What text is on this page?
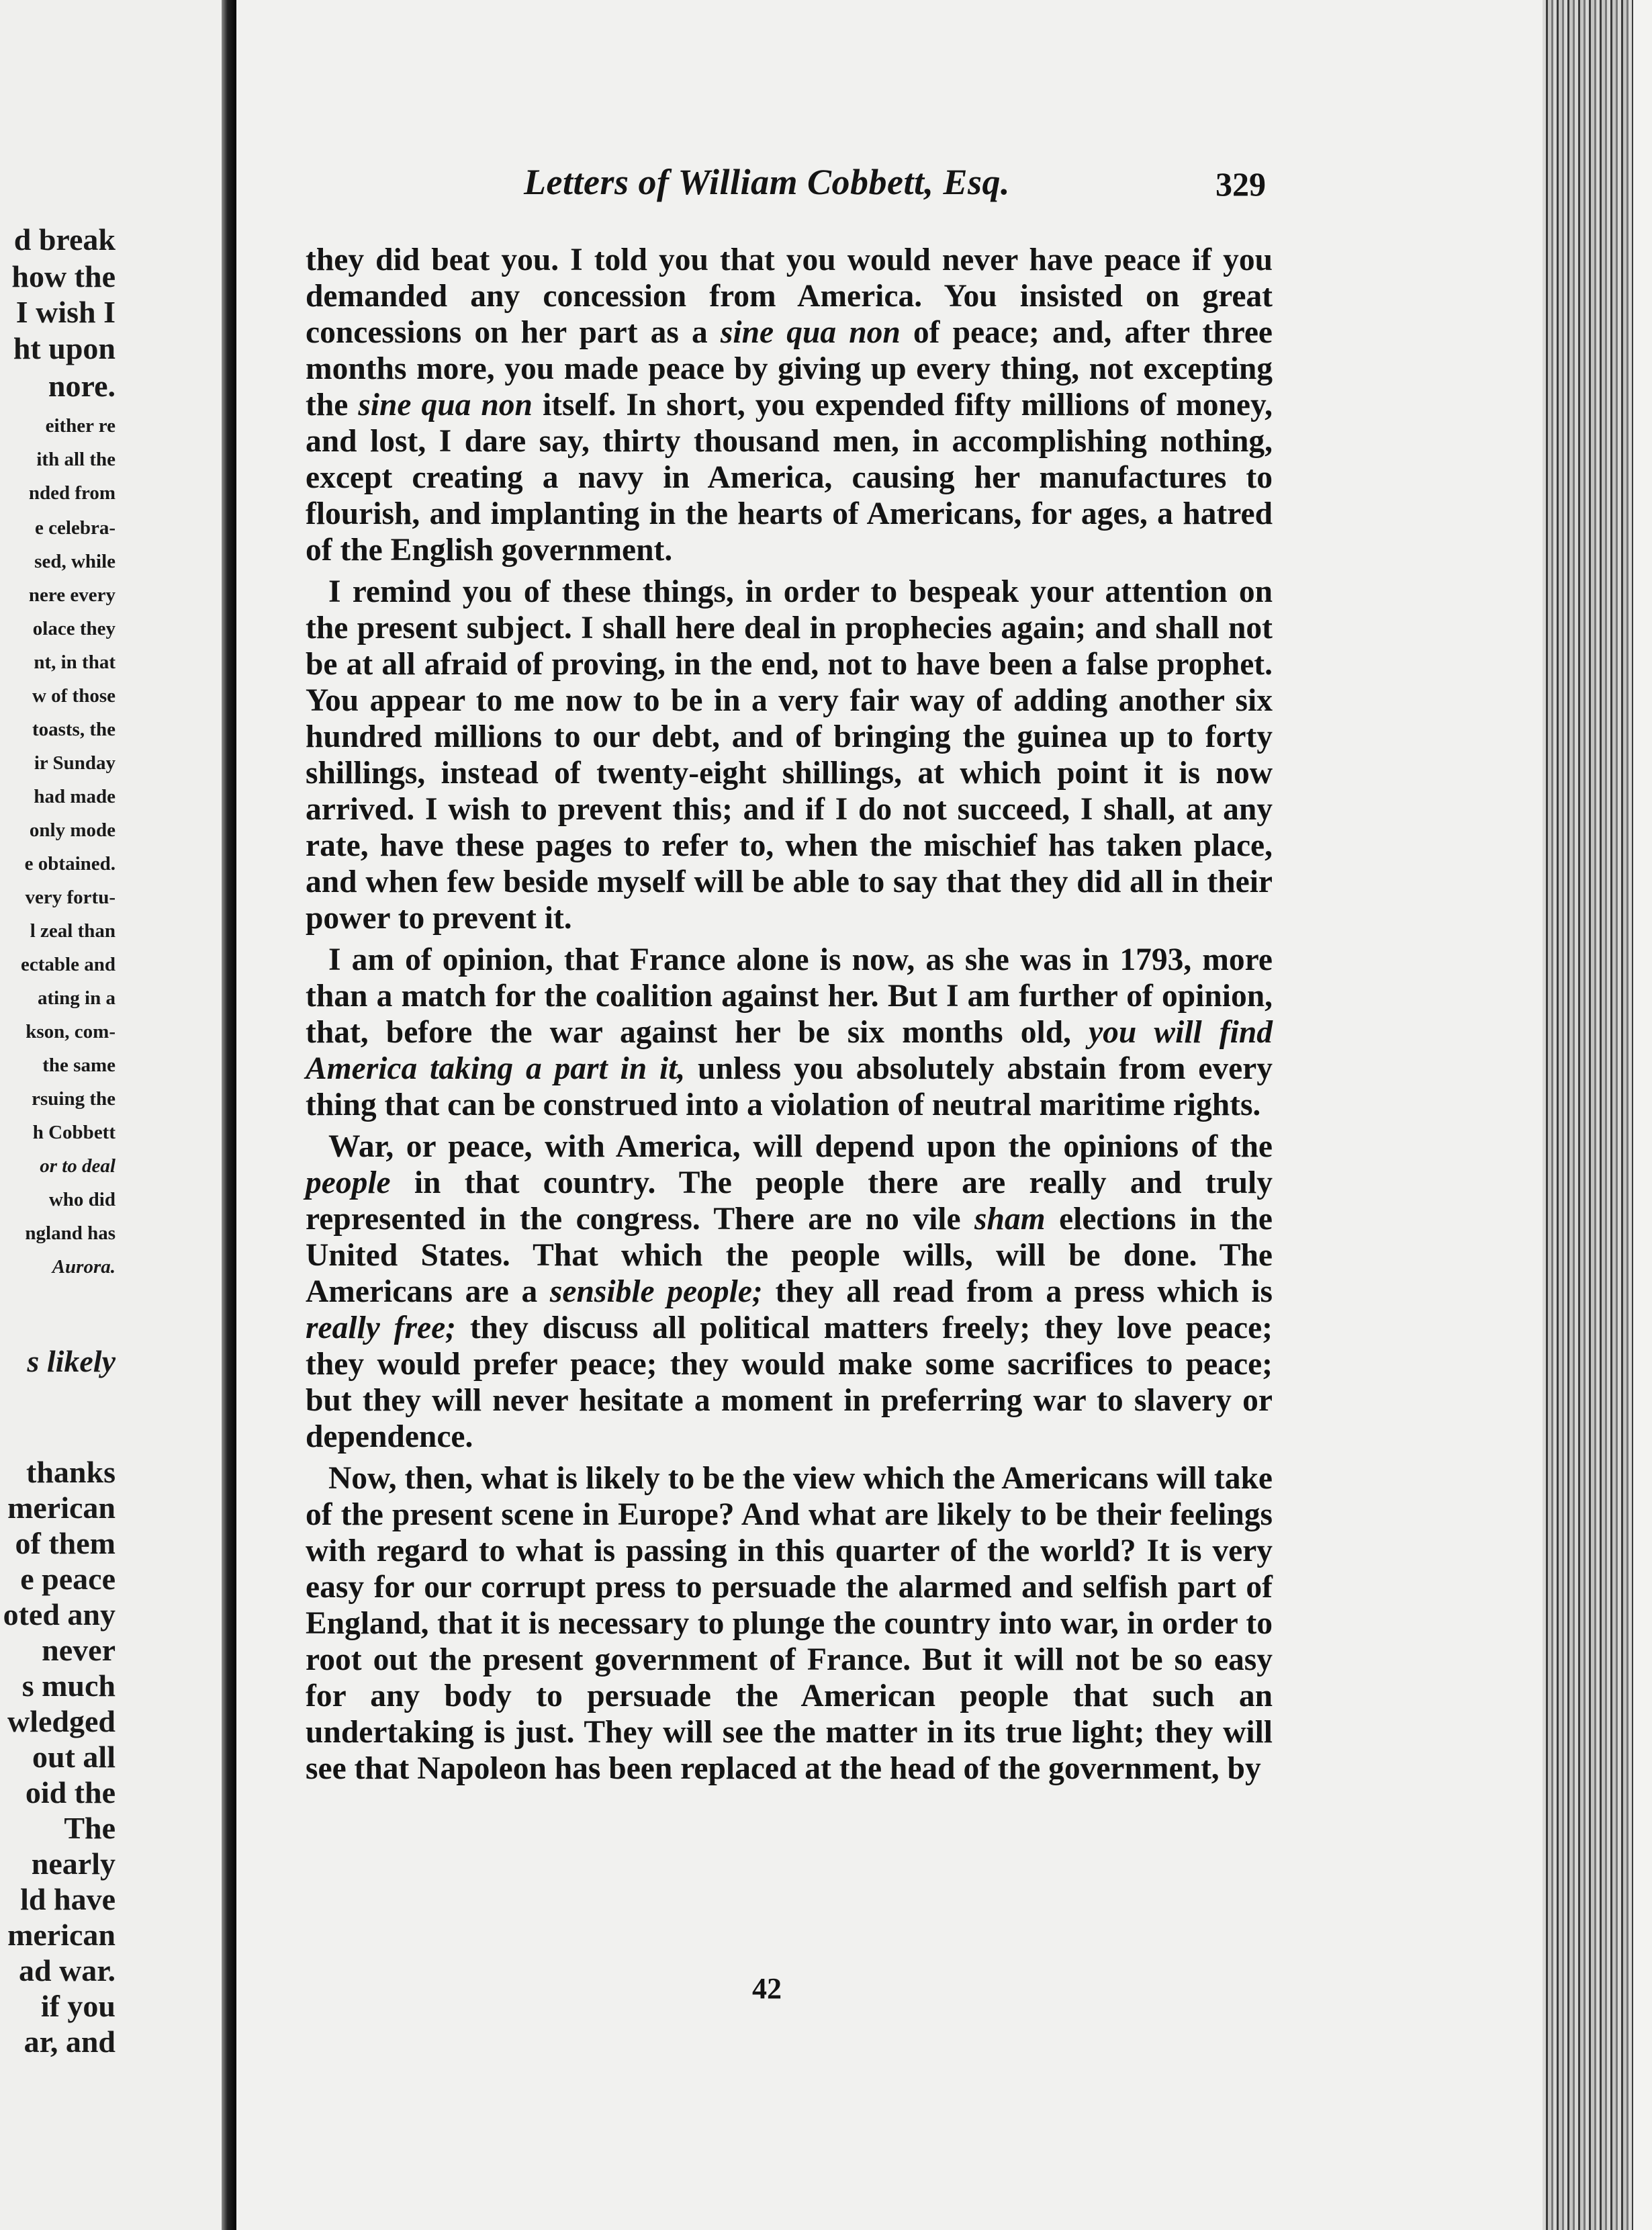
d break
how the
I wish I
ht upon
nore.
either re
ith all the
nded from
e celebra-
sed, while
nere every
olace they
nt, in that
w of those
toasts, the
ir Sunday
had made
only mode
e obtained.
very fortu-
l zeal than
ectable and
ating in a
kson, com-
the same
rsuing the
h Cobbett
or to deal
who did
ngland has
Aurora.
s likely
thanks
merican
of them
e peace
oted any
never
s much
wledged
out all
oid the
The
nearly
ld have
merican
ad war.
if you
ar, and
Letters of William Cobbett, Esq.	329

they did beat you. I told you that you would never have peace if you demanded any concession from America. You insisted on great concessions on her part as a sine qua non of peace; and, after three months more, you made peace by giving up every thing, not excepting the sine qua non itself. In short, you expended fifty millions of money, and lost, I dare say, thirty thousand men, in accomplishing nothing, except creating a navy in America, causing her manufactures to flourish, and implanting in the hearts of Americans, for ages, a hatred of the English government.

I remind you of these things, in order to bespeak your attention on the present subject. I shall here deal in prophecies again; and shall not be at all afraid of proving, in the end, not to have been a false prophet. You appear to me now to be in a very fair way of adding another six hundred millions to our debt, and of bringing the guinea up to forty shillings, instead of twenty-eight shillings, at which point it is now arrived. I wish to prevent this; and if I do not succeed, I shall, at any rate, have these pages to refer to, when the mischief has taken place, and when few beside myself will be able to say that they did all in their power to prevent it.

I am of opinion, that France alone is now, as she was in 1793, more than a match for the coalition against her. But I am further of opinion, that, before the war against her be six months old, you will find America taking a part in it, unless you absolutely abstain from every thing that can be construed into a violation of neutral maritime rights.

War, or peace, with America, will depend upon the opinions of the people in that country. The people there are really and truly represented in the congress. There are no vile sham elections in the United States. That which the people wills, will be done. The Americans are a sensible people; they all read from a press which is really free; they discuss all political matters freely; they love peace; they would prefer peace; they would make some sacrifices to peace; but they will never hesitate a moment in preferring war to slavery or dependence.

Now, then, what is likely to be the view which the Americans will take of the present scene in Europe? And what are likely to be their feelings with regard to what is passing in this quarter of the world? It is very easy for our corrupt press to persuade the alarmed and selfish part of England, that it is necessary to plunge the country into war, in order to root out the present government of France. But it will not be so easy for any body to persuade the American people that such an undertaking is just. They will see the matter in its true light; they will see that Napoleon has been replaced at the head of the government, by

42
